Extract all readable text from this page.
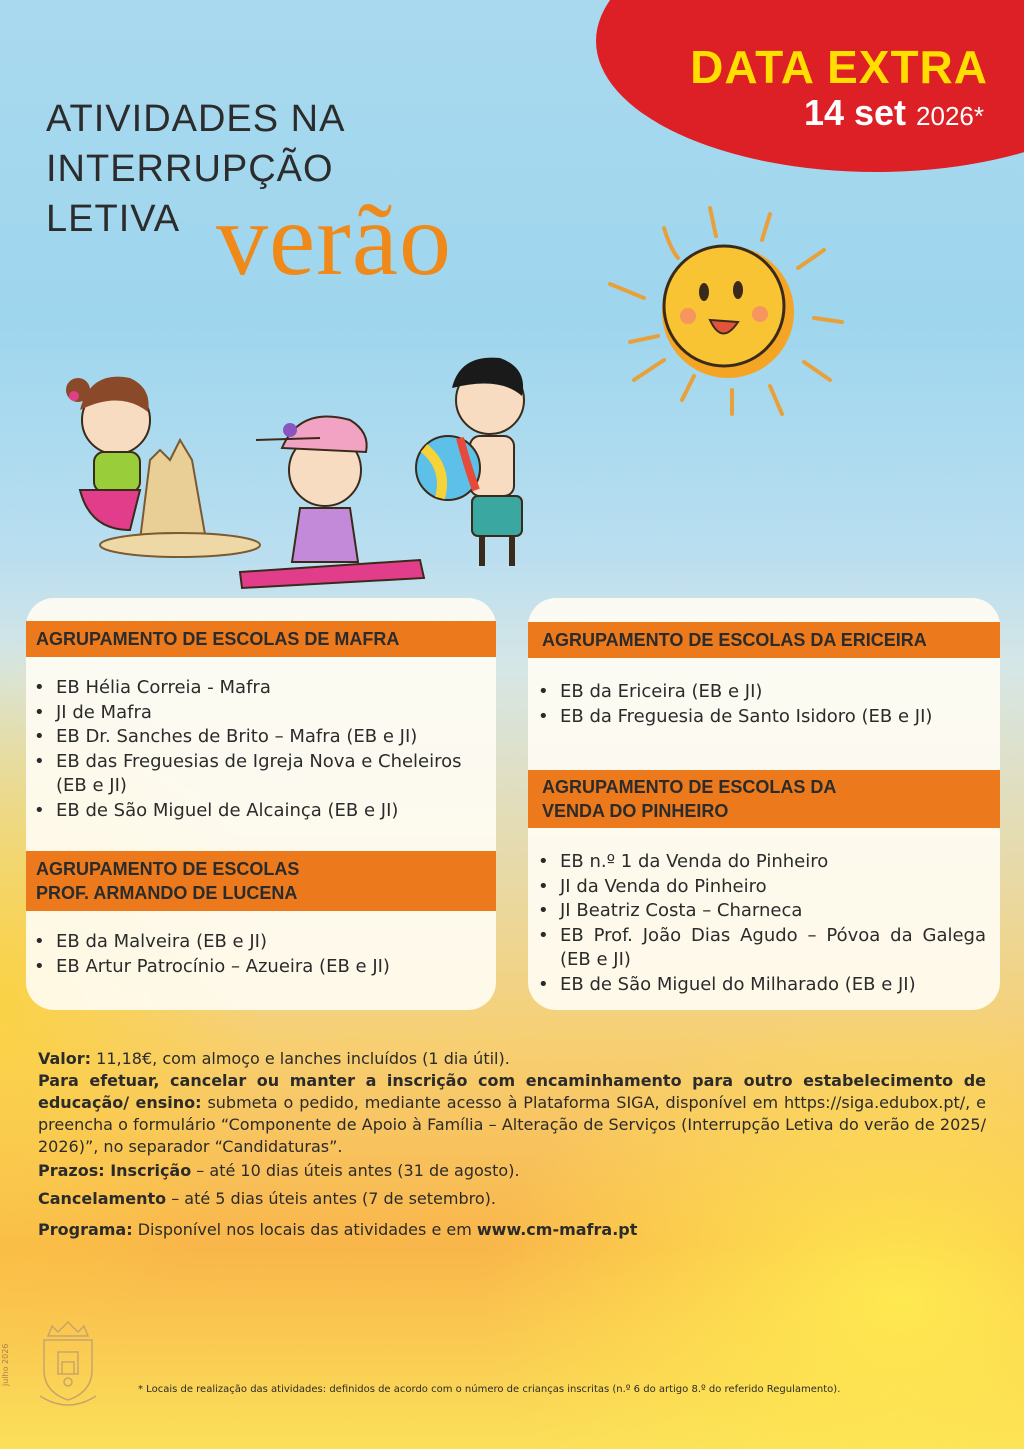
DATA EXTRA
14 set 2026*
ATIVIDADES NA
INTERRUPÇÃO
LETIVA verão
AGRUPAMENTO DE ESCOLAS DE MAFRA
• EB Hélia Correia - Mafra
• JI de Mafra
• EB Dr. Sanches de Brito – Mafra (EB e JI)
• EB das Freguesias de Igreja Nova e Cheleiros (EB e JI)
• EB de São Miguel de Alcainça (EB e JI)
AGRUPAMENTO DE ESCOLAS
PROF. ARMANDO DE LUCENA
• EB da Malveira (EB e JI)
• EB Artur Patrocínio – Azueira (EB e JI)
AGRUPAMENTO DE ESCOLAS DA ERICEIRA
• EB da Ericeira (EB e JI)
• EB da Freguesia de Santo Isidoro (EB e JI)
AGRUPAMENTO DE ESCOLAS DA
VENDA DO PINHEIRO
• EB n.º 1 da Venda do Pinheiro
• JI da Venda do Pinheiro
• JI Beatriz Costa – Charneca
• EB Prof. João Dias Agudo – Póvoa da Galega (EB e JI)
• EB de São Miguel do Milharado (EB e JI)
Valor: 11,18€, com almoço e lanches incluídos (1 dia útil).
Para efetuar, cancelar ou manter a inscrição com encaminhamento para outro estabelecimento de educação/ ensino: submeta o pedido, mediante acesso à Plataforma SIGA, disponível em https://siga.edubox.pt/, e preencha o formulário “Componente de Apoio à Família – Alteração de Serviços (Interrupção Letiva do verão de 2025/ 2026)”, no separador “Candidaturas”.
Prazos: Inscrição – até 10 dias úteis antes (31 de agosto).
Cancelamento – até 5 dias úteis antes (7 de setembro).
Programa: Disponível nos locais das atividades e em www.cm-mafra.pt
julho 2026
* Locais de realização das atividades: definidos de acordo com o número de crianças inscritas (n.º 6 do artigo 8.º do referido Regulamento).
